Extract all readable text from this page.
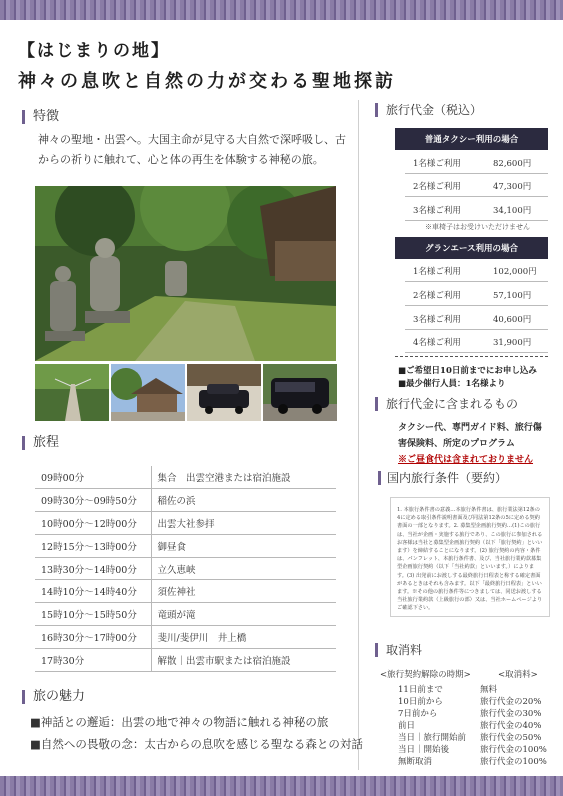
【はじまりの地】
神々の息吹と自然の力が交わる聖地探訪
特徴
神々の聖地・出雲へ。大国主命が見守る大自然で深呼吸し、古からの祈りに触れて、心と体の再生を体験する神秘の旅。
旅程
09時00分	集合　出雲空港または宿泊施設
09時30分～09時50分	稲佐の浜
10時00分～12時00分	出雲大社参拝
12時15分～13時00分	御昼食
13時30分～14時00分	立久恵峡
14時10分～14時40分	須佐神社
15時10分～15時50分	竜頭が滝
16時30分～17時00分	斐川/斐伊川　井上橋
17時30分	解散｜出雲市駅または宿泊施設
旅の魅力
■神話との邂逅：出雲の地で神々の物語に触れる神秘の旅
■自然への畏敬の念：太古からの息吹を感じる聖なる森との対話
旅行代金（税込）
普通タクシー利用の場合
1名様ご利用	82,600円
2名様ご利用	47,300円
3名様ご利用	34,100円
※車椅子はお受けいただけません
グランエース利用の場合
1名様ご利用	102,000円
2名様ご利用	57,100円
3名様ご利用	40,600円
4名様ご利用	31,900円
■ご希望日10日前までにお申し込み
■最少催行人員：1名様より
旅行代金に含まれるもの
タクシー代、専門ガイド料、旅行傷害保険料、所定のプログラム
※ご昼食代は含まれておりません
国内旅行条件（要約）
1. 本旅行条件書の意義…本旅行条件書は、旅行業法第12条の4に定める取引条件説明書面及び同法第12条の5に定める契約書面の一部となります。2. 募集型企画旅行契約…(1)この旅行は、当社が企画・実施する旅行であり、この旅行に参加されるお客様は当社と募集型企画旅行契約（以下「旅行契約」といいます）を締結することになります。(2) 旅行契約の内容・条件は、パンフレット、本旅行条件書、及び、当社旅行業約款募集型企画旅行契約（以下「当社約款」といいます。）によります。(3) 出発前にお渡しする最終旅行日程表と称する確定書面があるときはそれも含みます。以下「最終旅行日程表」といいます。※その他の旅行条件等につきましては、同送お渡しする当社旅行業約款（上級旅行の部）又は、当社ホームページよりご確認下さい。
取消料
<旅行契約解除の時期>	<取消料>
11日前まで	無料
10日前から	旅行代金の20%
7日前から	旅行代金の30%
前日	旅行代金の40%
当日｜旅行開始前 旅行代金の50%
当日｜開始後	旅行代金の100%
無断取消	旅行代金の100%
